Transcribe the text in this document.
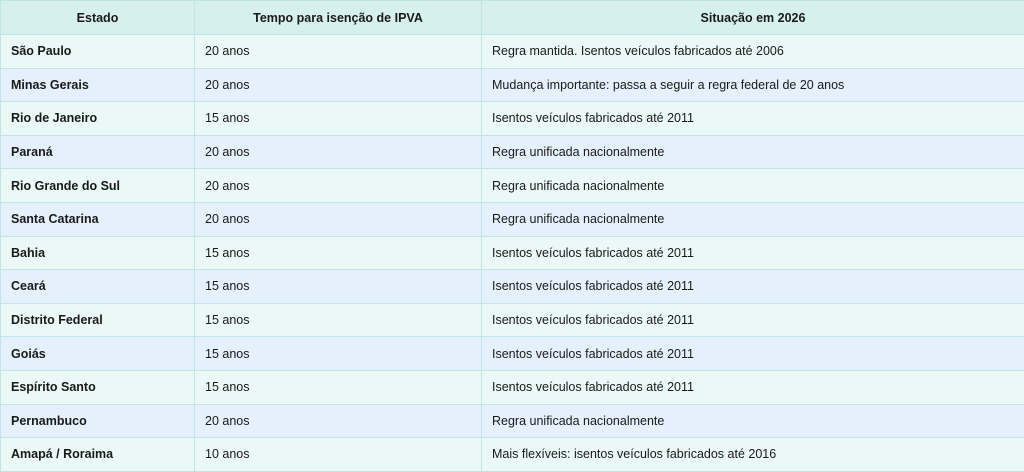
Estado	Tempo para isenção de IPVA	Situação em 2026
São Paulo	20 anos	Regra mantida. Isentos veículos fabricados até 2006
Minas Gerais	20 anos	Mudança importante: passa a seguir a regra federal de 20 anos
Rio de Janeiro	15 anos	Isentos veículos fabricados até 2011
Paraná	20 anos	Regra unificada nacionalmente
Rio Grande do Sul	20 anos	Regra unificada nacionalmente
Santa Catarina	20 anos	Regra unificada nacionalmente
Bahia	15 anos	Isentos veículos fabricados até 2011
Ceará	15 anos	Isentos veículos fabricados até 2011
Distrito Federal	15 anos	Isentos veículos fabricados até 2011
Goiás	15 anos	Isentos veículos fabricados até 2011
Espírito Santo	15 anos	Isentos veículos fabricados até 2011
Pernambuco	20 anos	Regra unificada nacionalmente
Amapá / Roraima	10 anos	Mais flexíveis: isentos veículos fabricados até 2016
